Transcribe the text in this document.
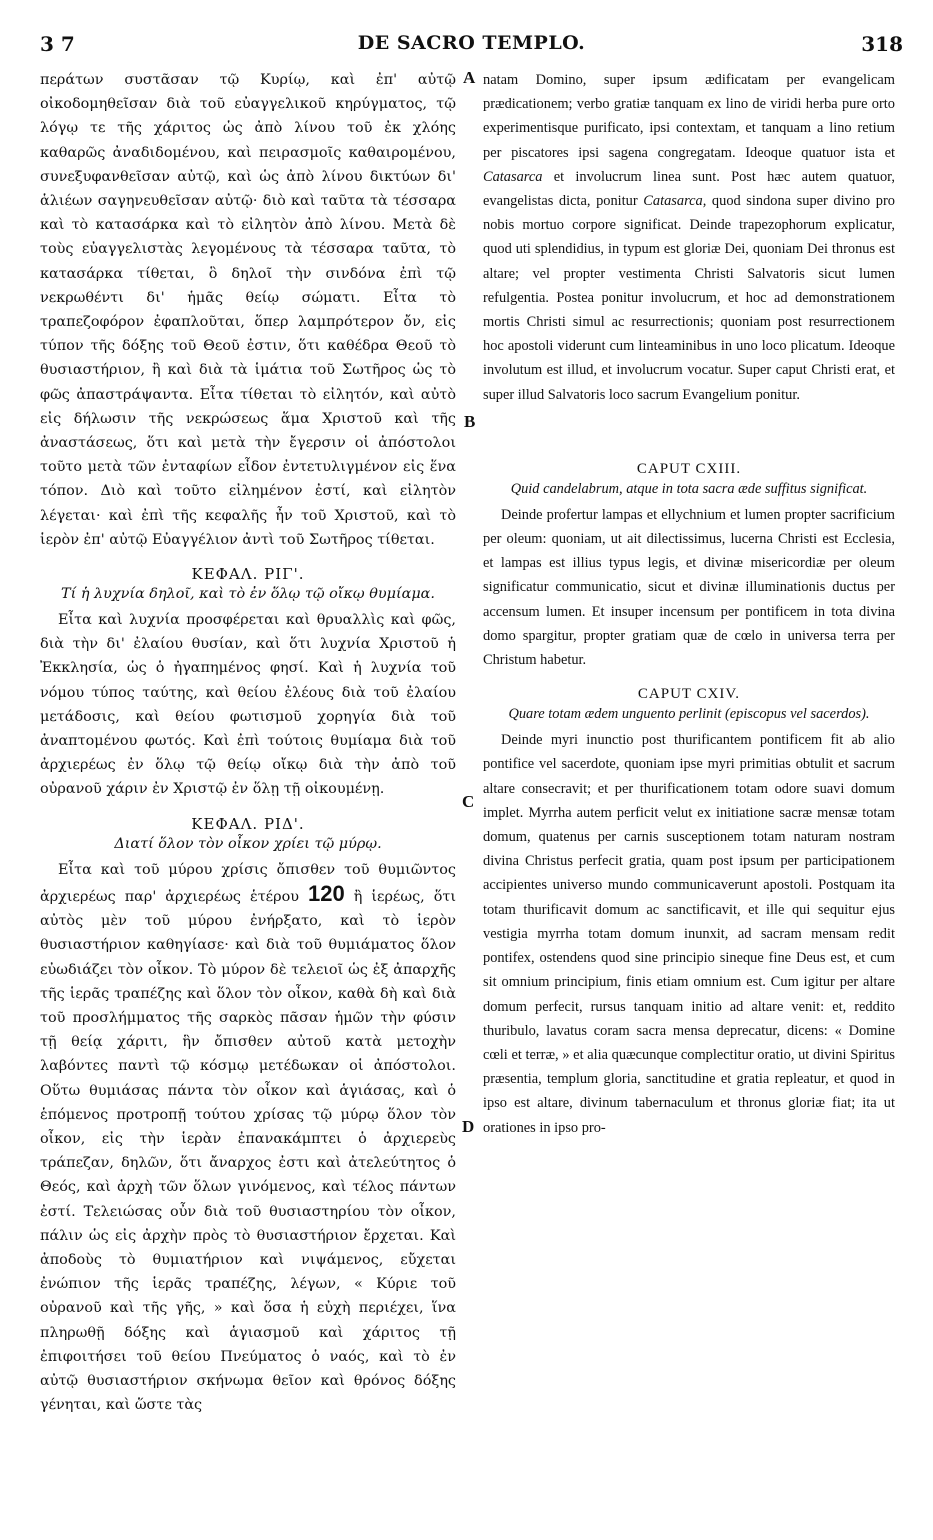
3 7	DE SACRO TEMPLO.	318

περάτων συστᾶσαν τῷ Κυρίῳ, καὶ ἐπ' αὐτῷ οἰκοδομηθεῖσαν διὰ τοῦ εὐαγγελικοῦ κηρύγματος, τῷ λόγῳ τε τῆς χάριτος ὡς ἀπὸ λίνου τοῦ ἐκ χλόης καθαρῶς ἀναδιδομένου, καὶ πειρασμοῖς καθαιρομένου, συνεξυφανθεῖσαν αὐτῷ, καὶ ὡς ἀπὸ λίνου δικτύων δι' ἁλιέων σαγηνευθεῖσαν αὐτῷ· διὸ καὶ ταῦτα τὰ τέσσαρα καὶ τὸ κατασάρκα καὶ τὸ εἰλητὸν ἀπὸ λίνου. Μετὰ δὲ τοὺς εὐαγγελιστὰς λεγομένους τὰ τέσσαρα ταῦτα, τὸ κατασάρκα τίθεται, ὃ δηλοῖ τὴν σινδόνα ἐπὶ τῷ νεκρωθέντι δι' ἡμᾶς θείῳ σώματι. Εἶτα τὸ τραπεζοφόρον ἐφαπλοῦται, ὅπερ λαμπρότερον ὄν, εἰς τύπον τῆς δόξης τοῦ Θεοῦ ἐστιν, ὅτι καθέδρα Θεοῦ τὸ θυσιαστήριον, ἢ καὶ διὰ τὰ ἱμάτια τοῦ Σωτῆρος ὡς τὸ φῶς ἀπαστράψαντα. Εἶτα τίθεται τὸ εἰλητόν, καὶ αὐτὸ εἰς δήλωσιν τῆς νεκρώσεως ἅμα Χριστοῦ καὶ τῆς ἀναστάσεως, ὅτι καὶ μετὰ τὴν ἔγερσιν οἱ ἀπόστολοι τοῦτο μετὰ τῶν ἐνταφίων εἶδον ἐντετυλιγμένον εἰς ἕνα τόπον. Διὸ καὶ τοῦτο εἰλημένον ἐστί, καὶ εἰλητὸν λέγεται· καὶ ἐπὶ τῆς κεφαλῆς ἦν τοῦ Χριστοῦ, καὶ τὸ ἱερὸν ἐπ' αὐτῷ Εὐαγγέλιον ἀντὶ τοῦ Σωτῆρος τίθεται.

ΚΕΦΑΛ. ΡΙΓ'.
Τί ἡ λυχνία δηλοῖ, καὶ τὸ ἐν ὅλῳ τῷ οἴκῳ θυμίαμα.

Εἶτα καὶ λυχνία προσφέρεται καὶ θρυαλλὶς καὶ φῶς, διὰ τὴν δι' ἐλαίου θυσίαν, καὶ ὅτι λυχνία Χριστοῦ ἡ Ἐκκλησία, ὡς ὁ ἠγαπημένος φησί. Καὶ ἡ λυχνία τοῦ νόμου τύπος ταύτης, καὶ θείου ἐλέους διὰ τοῦ ἐλαίου μετάδοσις, καὶ θείου φωτισμοῦ χορηγία διὰ τοῦ ἀναπτομένου φωτός. Καὶ ἐπὶ τούτοις θυμίαμα διὰ τοῦ ἀρχιερέως ἐν ὅλῳ τῷ θείῳ οἴκῳ διὰ τὴν ἀπὸ τοῦ οὐρανοῦ χάριν ἐν Χριστῷ ἐν ὅλῃ τῇ οἰκουμένῃ.

ΚΕΦΑΛ. ΡΙΔ'.
Διατί ὅλον τὸν οἶκον χρίει τῷ μύρῳ.

Εἶτα καὶ τοῦ μύρου χρίσις ὄπισθεν τοῦ θυμιῶντος ἀρχιερέως παρ' ἀρχιερέως ἑτέρου 120 ἢ ἱερέως, ὅτι αὐτὸς μὲν τοῦ μύρου ἐνήρξατο, καὶ τὸ ἱερὸν θυσιαστήριον καθηγίασε· καὶ διὰ τοῦ θυμιάματος ὅλον εὐωδιάζει τὸν οἶκον. Τὸ μύρον δὲ τελειοῖ ὡς ἐξ ἀπαρχῆς τῆς ἱερᾶς τραπέζης καὶ ὅλον τὸν οἶκον, καθὰ δὴ καὶ διὰ τοῦ προσλήμματος τῆς σαρκὸς πᾶσαν ἡμῶν τὴν φύσιν τῇ θείᾳ χάριτι, ἣν ὄπισθεν αὐτοῦ κατὰ μετοχὴν λαβόντες παντὶ τῷ κόσμῳ μετέδωκαν οἱ ἀπόστολοι. Οὕτω θυμιάσας πάντα τὸν οἶκον καὶ ἁγιάσας, καὶ ὁ ἑπόμενος προτροπῇ τούτου χρίσας τῷ μύρῳ ὅλον τὸν οἶκον, εἰς τὴν ἱερὰν ἐπανακάμπτει ὁ ἀρχιερεὺς τράπεζαν, δηλῶν, ὅτι ἄναρχος ἐστι καὶ ἀτελεύτητος ὁ Θεός, καὶ ἀρχὴ τῶν ὅλων γινόμενος, καὶ τέλος πάντων ἐστί. Τελειώσας οὖν διὰ τοῦ θυσιαστηρίου τὸν οἶκον, πάλιν ὡς εἰς ἀρχὴν πρὸς τὸ θυσιαστήριον ἔρχεται. Καὶ ἀποδοὺς τὸ θυμιατήριον καὶ νιψάμενος, εὔχεται ἐνώπιον τῆς ἱερᾶς τραπέζης, λέγων, « Κύριε τοῦ οὐρανοῦ καὶ τῆς γῆς, » καὶ ὅσα ἡ εὐχὴ περιέχει, ἵνα πληρωθῇ δόξης καὶ ἁγιασμοῦ καὶ χάριτος τῇ ἐπιφοιτήσει τοῦ θείου Πνεύματος ὁ ναός, καὶ τὸ ἐν αὐτῷ θυσιαστήριον σκήνωμα θεῖον καὶ θρόνος δόξης γένηται, καὶ ὥστε τὰς

A
B
C
D

natam Domino, super ipsum ædificatam per evangelicam prædicationem; verbo gratiæ tanquam ex lino de viridi herba pure orto experimentisque purificato, ipsi contextam, et tanquam a lino retium per piscatores ipsi sagena congregatam. Ideoque quatuor ista et Catasarca et involucrum linea sunt. Post hæc autem quatuor, evangelistas dicta, ponitur Catasarca, quod sindona super divino pro nobis mortuo corpore significat. Deinde trapezophorum explicatur, quod uti splendidius, in typum est gloriæ Dei, quoniam Dei thronus est altare; vel propter vestimenta Christi Salvatoris sicut lumen refulgentia. Postea ponitur involucrum, et hoc ad demonstrationem mortis Christi simul ac resurrectionis; quoniam post resurrectionem hoc apostoli viderunt cum linteaminibus in uno loco plicatum. Ideoque involutum est illud, et involucrum vocatur. Super caput Christi erat, et super illud Salvatoris loco sacrum Evangelium ponitur.

CAPUT CXIII.
Quid candelabrum, atque in tota sacra æde suffitus significat.

Deinde profertur lampas et ellychnium et lumen propter sacrificium per oleum: quoniam, ut ait dilectissimus, lucerna Christi est Ecclesia, et lampas est illius typus legis, et divinæ misericordiæ per oleum significatur communicatio, sicut et divinæ illuminationis ductus per accensum lumen. Et insuper incensum per pontificem in tota divina domo spargitur, propter gratiam quæ de cœlo in universa terra per Christum habetur.

CAPUT CXIV.
Quare totam ædem unguento perlinit (episcopus vel sacerdos).

Deinde myri inunctio post thurificantem pontificem fit ab alio pontifice vel sacerdote, quoniam ipse myri primitias obtulit et sacrum altare consecravit; et per thurificationem totam odore suavi domum implet. Myrrha autem perficit velut ex initiatione sacræ mensæ totam domum, quatenus per carnis susceptionem totam naturam nostram divina Christus perfecit gratia, quam post ipsum per participationem accipientes universo mundo communicaverunt apostoli. Postquam ita totam thurificavit domum ac sanctificavit, et ille qui sequitur ejus vestigia myrrha totam domum inunxit, ad sacram mensam redit pontifex, ostendens quod sine principio sineque fine Deus est, et cum sit omnium principium, finis etiam omnium est. Cum igitur per altare domum perfecit, rursus tanquam initio ad altare venit: et, reddito thuribulo, lavatus coram sacra mensa deprecatur, dicens: « Domine cœli et terræ, » et alia quæcunque complectitur oratio, ut divini Spiritus præsentia, templum gloria, sanctitudine et gratia repleatur, et quod in ipso est altare, divinum tabernaculum et thronus gloriæ fiat; ita ut orationes in ipso pro-
